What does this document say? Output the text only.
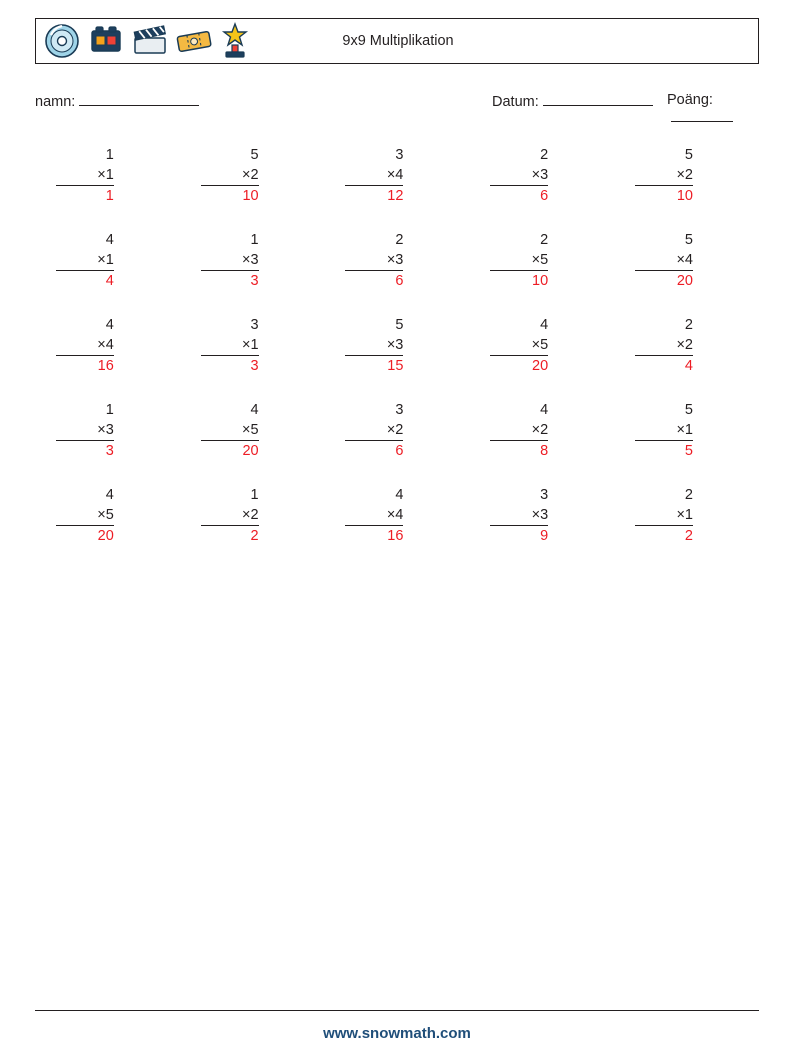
9x9 Multiplikation
namn:	Datum:	Poäng:
1
×1
1
5
×2
10
3
×4
12
2
×3
6
5
×2
10
4
×1
4
1
×3
3
2
×3
6
2
×5
10
5
×4
20
4
×4
16
3
×1
3
5
×3
15
4
×5
20
2
×2
4
1
×3
3
4
×5
20
3
×2
6
4
×2
8
5
×1
5
4
×5
20
1
×2
2
4
×4
16
3
×3
9
2
×1
2
www.snowmath.com
